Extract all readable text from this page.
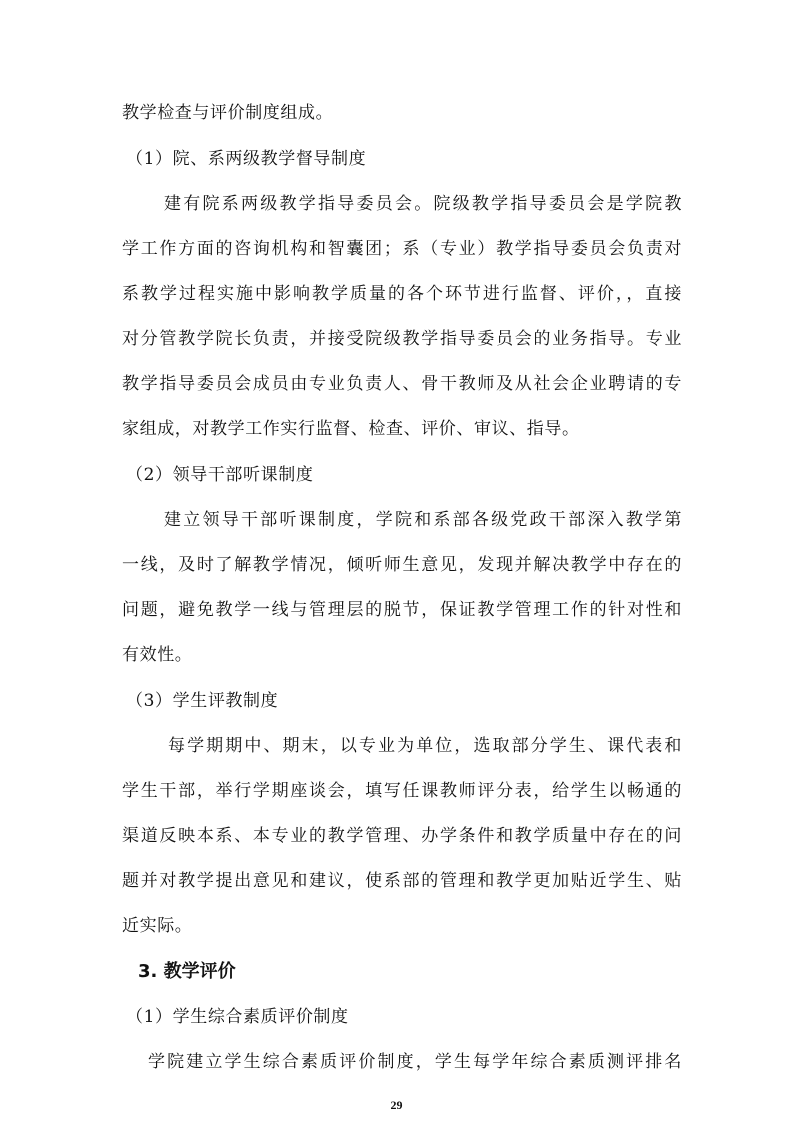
教学检查与评价制度组成。
（1）院、系两级教学督导制度
建有院系两级教学指导委员会。院级教学指导委员会是学院教
学工作方面的咨询机构和智囊团；系（专业）教学指导委员会负责对
系教学过程实施中影响教学质量的各个环节进行监督、评价，，直接
对分管教学院长负责，并接受院级教学指导委员会的业务指导。专业
教学指导委员会成员由专业负责人、骨干教师及从社会企业聘请的专
家组成，对教学工作实行监督、检查、评价、审议、指导。
（2）领导干部听课制度
建立领导干部听课制度，学院和系部各级党政干部深入教学第
一线，及时了解教学情况，倾听师生意见，发现并解决教学中存在的
问题，避免教学一线与管理层的脱节，保证教学管理工作的针对性和
有效性。
（3）学生评教制度
每学期期中、期末，以专业为单位，选取部分学生、课代表和
学生干部，举行学期座谈会，填写任课教师评分表，给学生以畅通的
渠道反映本系、本专业的教学管理、办学条件和教学质量中存在的问
题并对教学提出意见和建议，使系部的管理和教学更加贴近学生、贴
近实际。
3. 教学评价
（1）学生综合素质评价制度
学院建立学生综合素质评价制度，学生每学年综合素质测评排名
29
